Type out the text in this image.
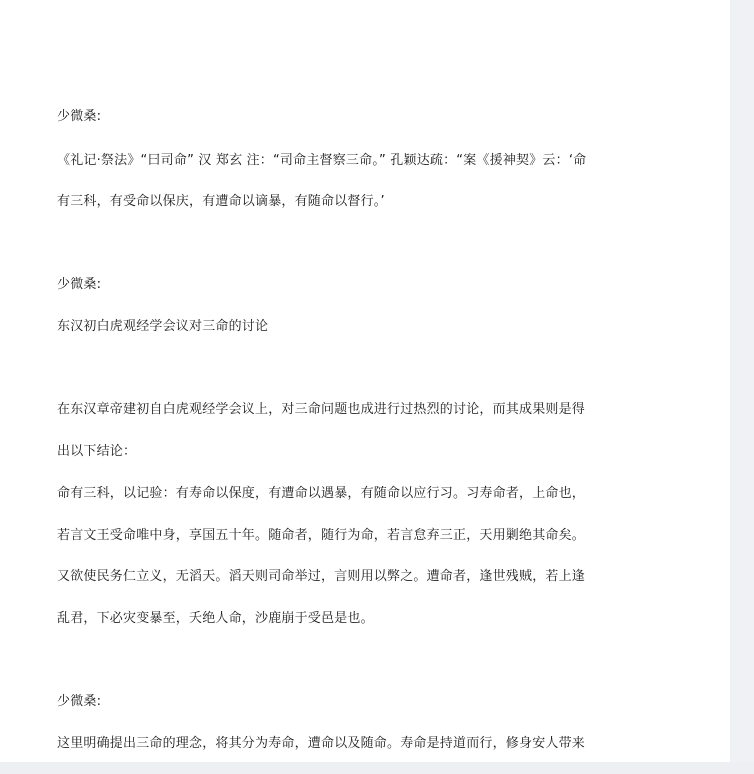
少微桑:
《礼记·祭法》“曰司命” 汉 郑玄 注：“司命主督察三命。” 孔颖达疏：“案《援神契》云：‘命
有三科，有受命以保庆，有遭命以谪暴，有随命以督行。’
少微桑:
东汉初白虎观经学会议对三命的讨论
在东汉章帝建初自白虎观经学会议上，对三命问题也成进行过热烈的讨论，而其成果则是得
出以下结论：
命有三科，以记验：有寿命以保度，有遭命以遇暴，有随命以应行习。习寿命者，上命也，
若言文王受命唯中身，享国五十年。随命者，随行为命，若言怠弃三正，天用剿绝其命矣。
又欲使民务仁立义，无滔天。滔天则司命举过，言则用以弊之。遭命者，逢世残贼，若上逢
乱君，下必灾变暴至，夭绝人命，沙鹿崩于受邑是也。
少微桑:
这里明确提出三命的理念，将其分为寿命，遭命以及随命。寿命是持道而行，修身安人带来
